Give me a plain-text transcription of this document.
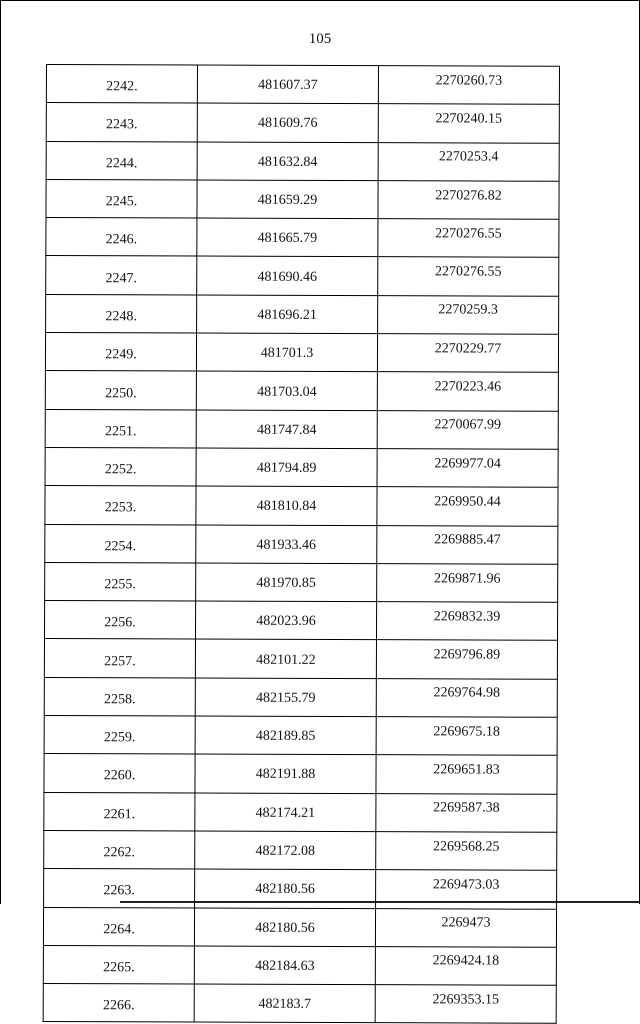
105
2242.	481607.37	2270260.73
2243.	481609.76	2270240.15
2244.	481632.84	2270253.4
2245.	481659.29	2270276.82
2246.	481665.79	2270276.55
2247.	481690.46	2270276.55
2248.	481696.21	2270259.3
2249.	481701.3	2270229.77
2250.	481703.04	2270223.46
2251.	481747.84	2270067.99
2252.	481794.89	2269977.04
2253.	481810.84	2269950.44
2254.	481933.46	2269885.47
2255.	481970.85	2269871.96
2256.	482023.96	2269832.39
2257.	482101.22	2269796.89
2258.	482155.79	2269764.98
2259.	482189.85	2269675.18
2260.	482191.88	2269651.83
2261.	482174.21	2269587.38
2262.	482172.08	2269568.25
2263.	482180.56	2269473.03
2264.	482180.56	2269473
2265.	482184.63	2269424.18
2266.	482183.7	2269353.15
